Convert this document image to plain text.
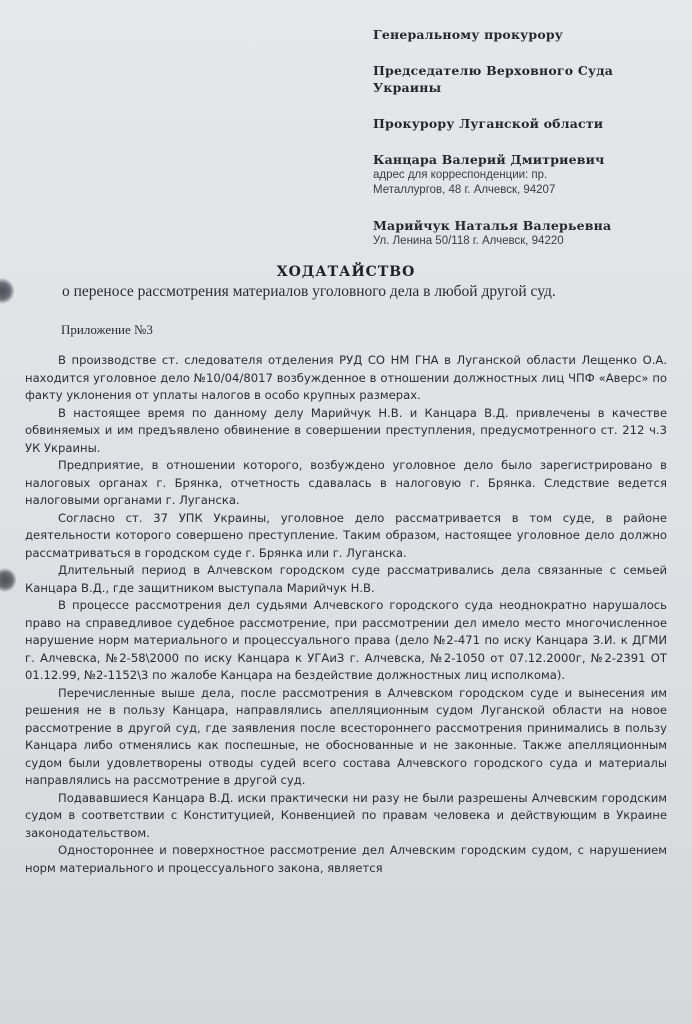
Генеральному прокурору
Председателю Верховного Суда Украины
Прокурору Луганской области
Канцара Валерий Дмитриевич
адрес для корреспонденции: пр. Металлургов, 48 г. Алчевск, 94207
Марийчук Наталья Валерьевна
Ул. Ленина 50/118 г. Алчевск, 94220
ХОДАТАЙСТВО
о переносе рассмотрения материалов уголовного дела в любой другой суд.
Приложение №3

В производстве ст. следователя отделения РУД СО НМ ГНА в Луганской области Лещенко О.А. находится уголовное дело №10/04/8017 возбужденное в отношении должностных лиц ЧПФ «Аверс» по факту уклонения от уплаты налогов в особо крупных размерах.

В настоящее время по данному делу Марийчук Н.В. и Канцара В.Д. привлечены в качестве обвиняемых и им предъявлено обвинение в совершении преступления, предусмотренного ст. 212 ч.3 УК Украины.

Предприятие, в отношении которого, возбуждено уголовное дело было зарегистрировано в налоговых органах г. Брянка, отчетность сдавалась в налоговую г. Брянка. Следствие ведется налоговыми органами г. Луганска.

Согласно ст. 37 УПК Украины, уголовное дело рассматривается в том суде, в районе деятельности которого совершено преступление. Таким образом, настоящее уголовное дело должно рассматриваться в городском суде г. Брянка или г. Луганска.

Длительный период в Алчевском городском суде рассматривались дела связанные с семьей Канцара В.Д., где защитником выступала Марийчук Н.В.

В процессе рассмотрения дел судьями Алчевского городского суда неоднократно нарушалось право на справедливое судебное рассмотрение, при рассмотрении дел имело место многочисленное нарушение норм материального и процессуального права (дело №2-471 по иску Канцара З.И. к ДГМИ г. Алчевска, №2-58\2000 по иску Канцара к УГАиЗ г. Алчевска, №2-1050 от 07.12.2000г, №2-2391 ОТ 01.12.99, №2-1152\3 по жалобе Канцара на бездействие должностных лиц исполкома).

Перечисленные выше дела, после рассмотрения в Алчевском городском суде и вынесения им решения не в пользу Канцара, направлялись апелляционным судом Луганской области на новое рассмотрение в другой суд, где заявления после всестороннего рассмотрения принимались в пользу Канцара либо отменялись как поспешные, не обоснованные и не законные. Также апелляционным судом были удовлетворены отводы судей всего состава Алчевского городского суда и материалы направлялись на рассмотрение в другой суд.

Подававшиеся Канцара В.Д. иски практически ни разу не были разрешены Алчевским городским судом в соответствии с Конституцией, Конвенцией по правам человека и действующим в Украине законодательством.

Одностороннее и поверхностное рассмотрение дел Алчевским городским судом, с нарушением норм материального и процессуального закона, является
